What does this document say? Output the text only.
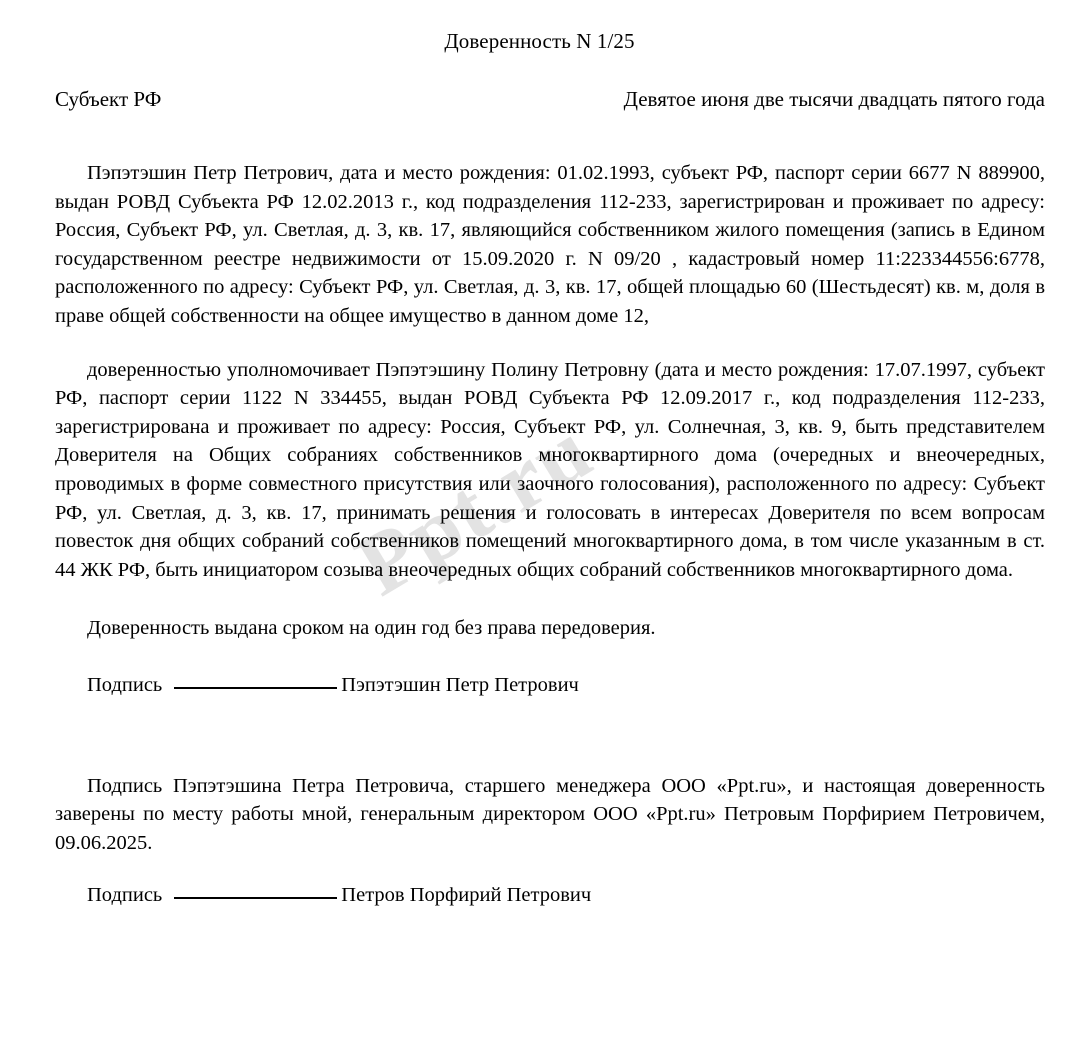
Ppt.ru
Доверенность N 1/25
Субъект РФ	Девятое июня две тысячи двадцать пятого года

Пэпэтэшин Петр Петрович, дата и место рождения: 01.02.1993, субъект РФ, паспорт серии 6677 N 889900, выдан РОВД Субъекта РФ 12.02.2013 г., код подразделения 112-233, зарегистрирован и проживает по адресу: Россия, Субъект РФ, ул. Светлая, д. 3, кв. 17, являющийся собственником жилого помещения (запись в Едином государственном реестре недвижимости от 15.09.2020 г. N 09/20 , кадастровый номер 11:223344556:6778, расположенного по адресу: Субъект РФ, ул. Светлая, д. 3, кв. 17, общей площадью 60 (Шестьдесят) кв. м, доля в праве общей собственности на общее имущество в данном доме 12,

доверенностью уполномочивает Пэпэтэшину Полину Петровну (дата и место рождения: 17.07.1997, субъект РФ, паспорт серии 1122 N 334455, выдан РОВД Субъекта РФ 12.09.2017 г., код подразделения 112-233, зарегистрирована и проживает по адресу: Россия, Субъект РФ, ул. Солнечная, 3, кв. 9, быть представителем Доверителя на Общих собраниях собственников многоквартирного дома (очередных и внеочередных, проводимых в форме совместного присутствия или заочного голосования), расположенного по адресу: Субъект РФ, ул. Светлая, д. 3, кв. 17, принимать решения и голосовать в интересах Доверителя по всем вопросам повесток дня общих собраний собственников помещений многоквартирного дома, в том числе указанным в ст. 44 ЖК РФ, быть инициатором созыва внеочередных общих собраний собственников многоквартирного дома.

Доверенность выдана сроком на один год без права передоверия.

Подпись	Пэпэтэшин Петр Петрович

Подпись Пэпэтэшина Петра Петровича, старшего менеджера ООО «Ppt.ru», и настоящая доверенность заверены по месту работы мной, генеральным директором ООО «Ppt.ru» Петровым Порфирием Петровичем, 09.06.2025.

Подпись	Петров Порфирий Петрович
